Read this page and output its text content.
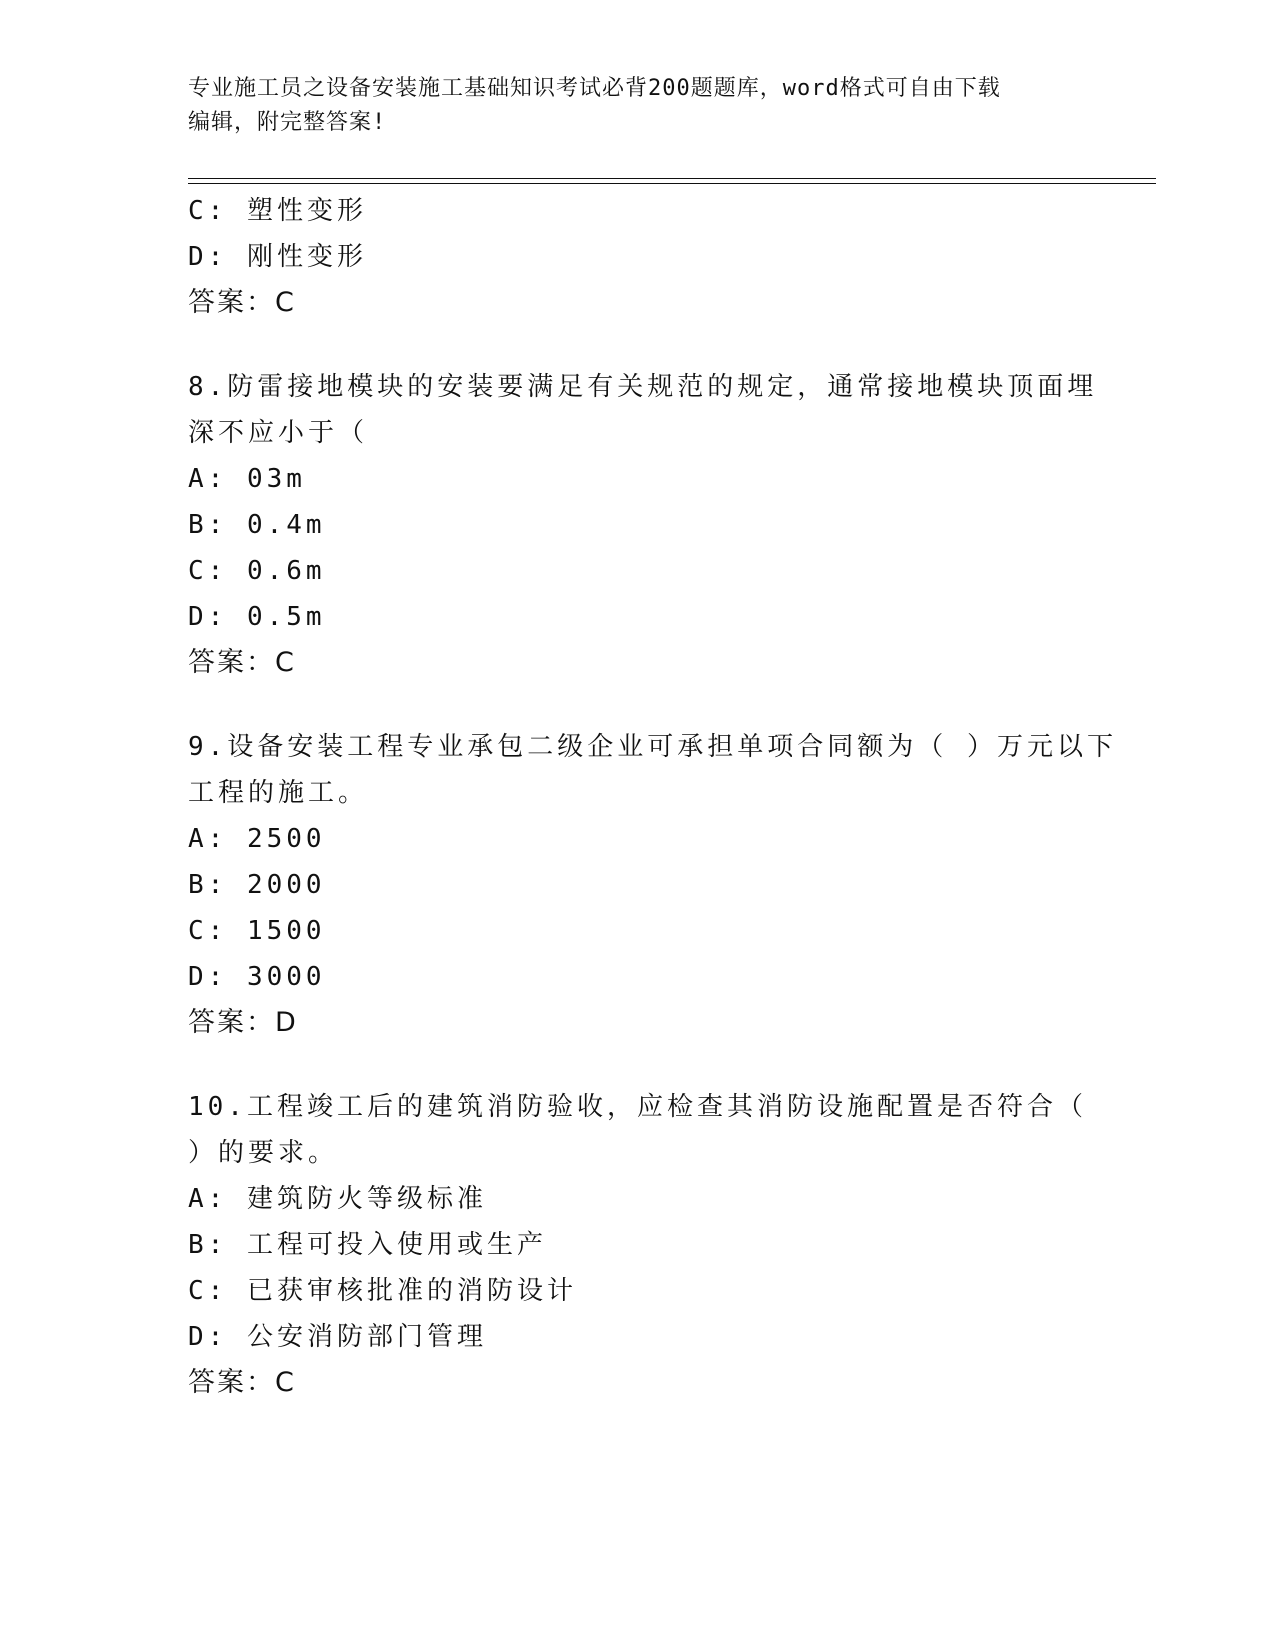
专业施工员之设备安装施工基础知识考试必背200题题库，word格式可自由下载
编辑，附完整答案!
C: 塑性变形
D: 刚性变形
答案：C
8.防雷接地模块的安装要满足有关规范的规定，通常接地模块顶面埋
深不应小于（
A: 03m
B: 0.4m
C: 0.6m
D: 0.5m
答案：C
9.设备安装工程专业承包二级企业可承担单项合同额为（ ）万元以下
工程的施工。
A: 2500
B: 2000
C: 1500
D: 3000
答案：D
10.工程竣工后的建筑消防验收，应检查其消防设施配置是否符合（
）的要求。
A: 建筑防火等级标准
B: 工程可投入使用或生产
C: 已获审核批准的消防设计
D: 公安消防部门管理
答案：C
